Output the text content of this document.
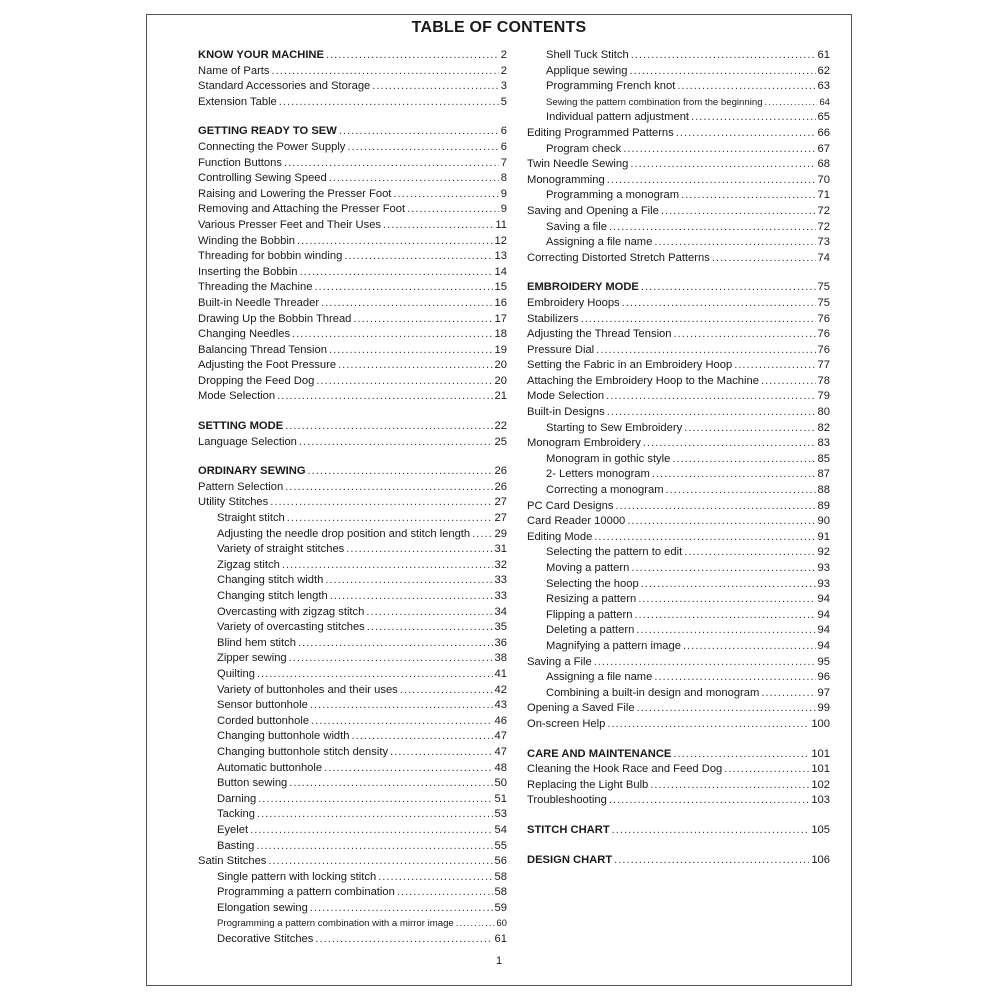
TABLE OF CONTENTS
KNOW YOUR MACHINE .....	2
Name of Parts .....	2
Standard Accessories and Storage .....	3
Extension Table .....	5
GETTING READY TO SEW .....	6
Connecting the Power Supply .....	6
Function Buttons .....	7
Controlling Sewing Speed .....	8
Raising and Lowering the Presser Foot .....	9
Removing and Attaching the Presser Foot .....	9
Various Presser Feet and Their Uses .....	11
Winding the Bobbin .....	12
Threading for bobbin winding .....	13
Inserting the Bobbin .....	14
Threading the Machine .....	15
Built-in Needle Threader .....	16
Drawing Up the Bobbin Thread .....	17
Changing Needles .....	18
Balancing Thread Tension .....	19
Adjusting the Foot Pressure .....	20
Dropping the Feed Dog .....	20
Mode Selection .....	21
SETTING MODE .....	22
Language Selection .....	25
ORDINARY SEWING .....	26
Pattern Selection .....	26
Utility Stitches .....	27
Straight stitch .....	27
Adjusting the needle drop position and stitch length ..... 29
Variety of straight stitches .....	31
Zigzag stitch .....	32
Changing stitch width .....	33
Changing stitch length .....	33
Overcasting with zigzag stitch .....	34
Variety of overcasting stitches .....	35
Blind hem stitch .....	36
Zipper sewing .....	38
Quilting .....	41
Variety of buttonholes and their uses .....	42
Sensor buttonhole .....	43
Corded buttonhole .....	46
Changing buttonhole width .....	47
Changing buttonhole stitch density .....	47
Automatic buttonhole .....	48
Button sewing .....	50
Darning .....	51
Tacking .....	53
Eyelet .....	54
Basting .....	55
Satin Stitches .....	56
Single pattern with locking stitch .....	58
Programming a pattern combination .....	58
Elongation sewing .....	59
Programming a pattern combination with a mirror image .....	60
Decorative Stitches .....	61
Shell Tuck Stitch .....	61
Applique sewing .....	62
Programming French knot .....	63
Sewing the pattern combination from the beginning .....	64
Individual pattern adjustment .....	65
Editing Programmed Patterns .....	66
Program check .....	67
Twin Needle Sewing .....	68
Monogramming .....	70
Programming a monogram .....	71
Saving and Opening a File .....	72
Saving a file .....	72
Assigning a file name .....	73
Correcting Distorted Stretch Patterns .....	74
EMBROIDERY MODE .....	75
Embroidery Hoops .....	75
Stabilizers .....	76
Adjusting the Thread Tension .....	76
Pressure Dial .....	76
Setting the Fabric in an Embroidery Hoop .....	77
Attaching the Embroidery Hoop to the Machine .....	78
Mode Selection .....	79
Built-in Designs .....	80
Starting to Sew Embroidery .....	82
Monogram Embroidery .....	83
Monogram in gothic style .....	85
2- Letters monogram .....	87
Correcting a monogram .....	88
PC Card Designs .....	89
Card Reader 10000 .....	90
Editing Mode .....	91
Selecting the pattern to edit .....	92
Moving a pattern .....	93
Selecting the hoop .....	93
Resizing a pattern .....	94
Flipping a pattern .....	94
Deleting a pattern .....	94
Magnifying a pattern image .....	94
Saving a File .....	95
Assigning a file name .....	96
Combining a built-in design and monogram .....	97
Opening a Saved File .....	99
On-screen Help .....	100
CARE AND MAINTENANCE .....	101
Cleaning the Hook Race and Feed Dog .....	101
Replacing the Light Bulb .....	102
Troubleshooting .....	103
STITCH CHART .....	105
DESIGN CHART .....	106
1
